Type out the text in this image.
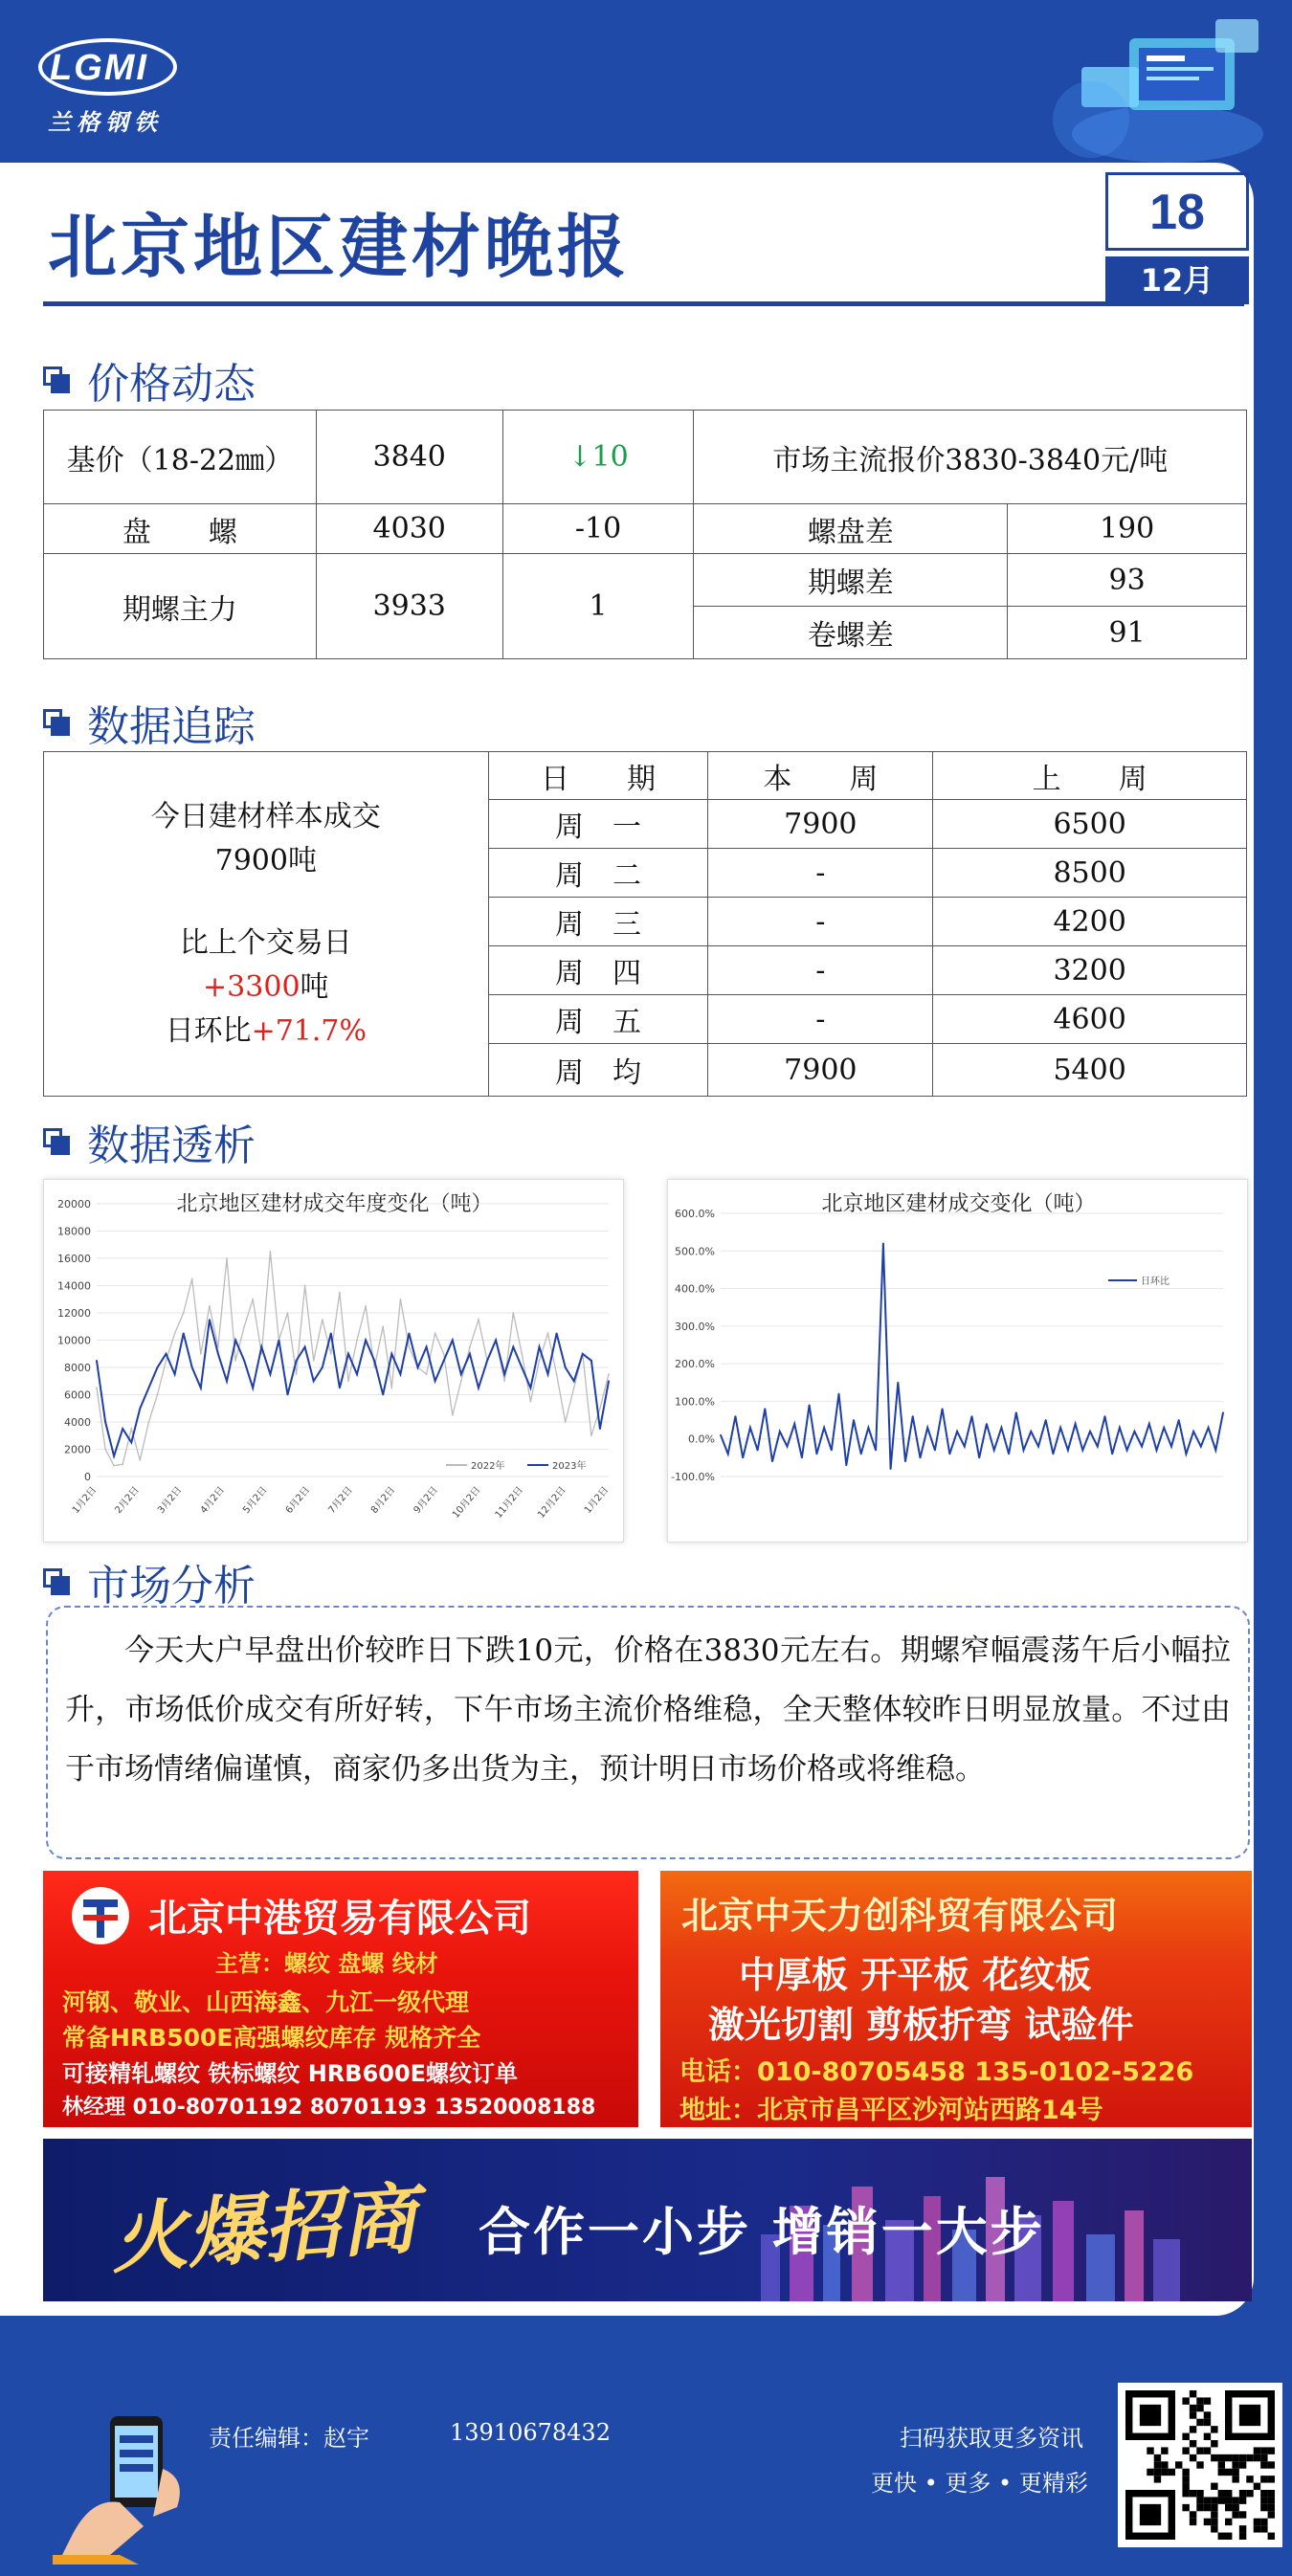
LGMI
兰格钢铁
北京地区建材晚报	18
12月
价格动态
基价（18-22㎜）	3840	↓10	市场主流报价3830-3840元/吨	
盘　　螺	4030	-10	螺盘差	190
期螺主力	3933	1	期螺差	93
			卷螺差	91
数据追踪
今日建材样本成交
7900吨
比上个交易日
+3300吨
日环比+71.7%	日　　期	本　　周	上　　周
	周　一	7900	6500
	周　二	-	8500
	周　三	-	4200
	周　四	-	3200
	周　五	-	4600
	周　均	7900	5400
数据透析
北京地区建材成交年度变化（吨）
0
2000
4000
6000
8000
10000
12000
14000
16000
18000
20000
1月2日 2月2日 3月2日 4月2日 5月2日 6月2日 7月2日 8月2日 9月2日 10月2日 11月2日 12月2日 1月2日
2022年	2023年
北京地区建材成交变化（吨）
-100.0%
0.0%
100.0%
200.0%
300.0%
400.0%
500.0%
600.0%
日环比
市场分析
今天大户早盘出价较昨日下跌10元，价格在3830元左右。期螺窄幅震荡午后小幅拉升，市场低价成交有所好转，下午市场主流价格维稳，全天整体较昨日明显放量。不过由于市场情绪偏谨慎，商家仍多出货为主，预计明日市场价格或将维稳。
北京中港贸易有限公司
主营：螺纹 盘螺 线材
河钢、敬业、山西海鑫、九江一级代理
常备HRB500E高强螺纹库存 规格齐全
可接精轧螺纹 铁标螺纹 HRB600E螺纹订单
林经理 010-80701192 80701193 13520008188
北京中天力创科贸有限公司
中厚板 开平板 花纹板
激光切割 剪板折弯 试验件
电话：010-80705458 135-0102-5226
地址：北京市昌平区沙河站西路14号
火爆招商 合作一小步 增销一大步
责任编辑：赵宇	13910678432	扫码获取更多资讯
更快 • 更多 • 更精彩
